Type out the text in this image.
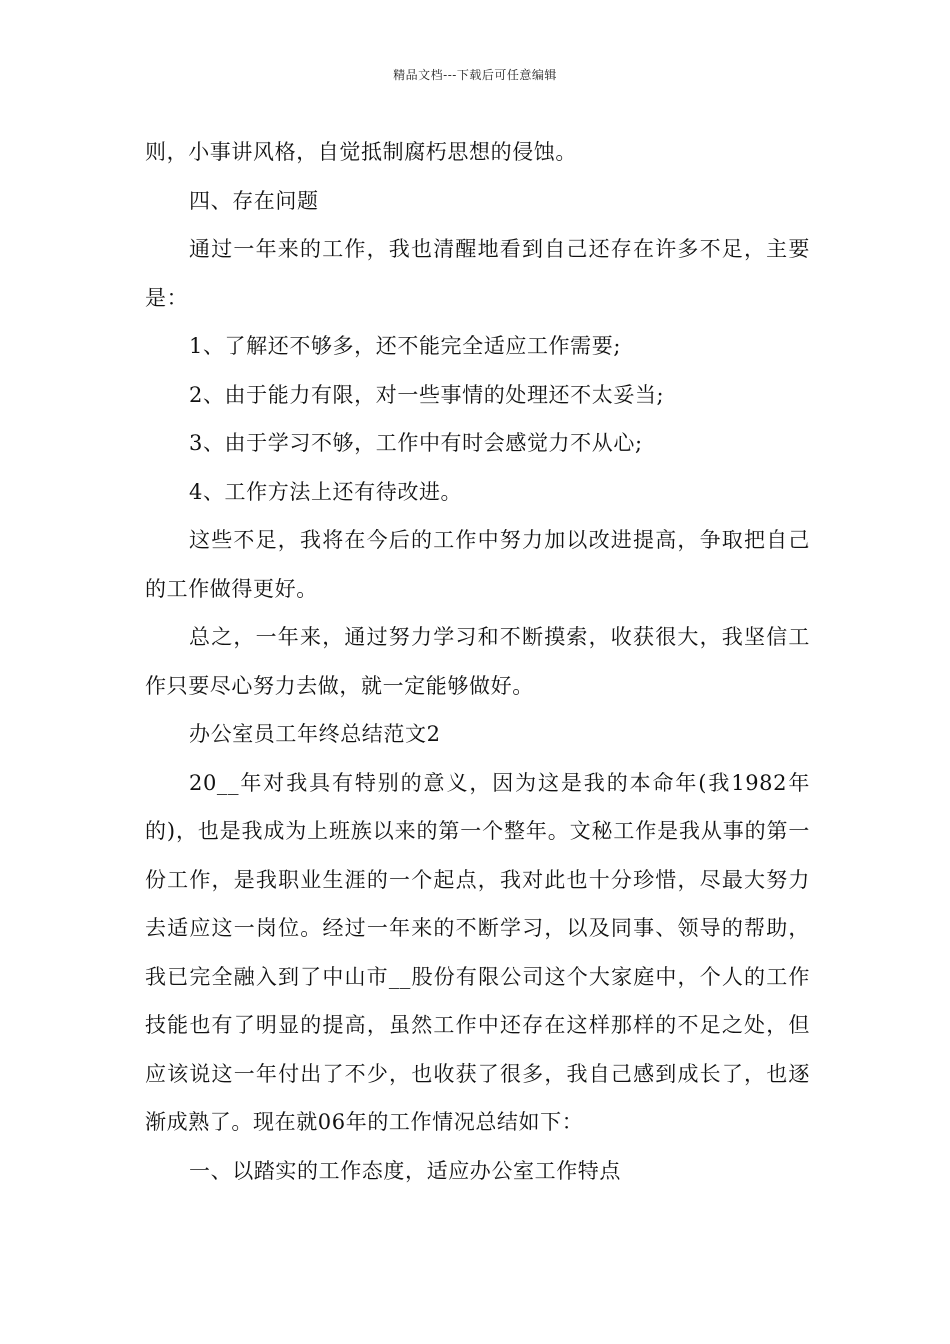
精品文档---下载后可任意编辑

则，小事讲风格，自觉抵制腐朽思想的侵蚀。

四、存在问题

通过一年来的工作，我也清醒地看到自己还存在许多不足，主要是：

1、了解还不够多，还不能完全适应工作需要;

2、由于能力有限，对一些事情的处理还不太妥当;

3、由于学习不够，工作中有时会感觉力不从心;

4、工作方法上还有待改进。

这些不足，我将在今后的工作中努力加以改进提高，争取把自己的工作做得更好。

总之，一年来，通过努力学习和不断摸索，收获很大，我坚信工作只要尽心努力去做，就一定能够做好。

办公室员工年终总结范文2

20__年对我具有特别的意义，因为这是我的本命年(我1982年的)，也是我成为上班族以来的第一个整年。文秘工作是我从事的第一份工作，是我职业生涯的一个起点，我对此也十分珍惜，尽最大努力去适应这一岗位。经过一年来的不断学习，以及同事、领导的帮助，我已完全融入到了中山市__股份有限公司这个大家庭中，个人的工作技能也有了明显的提高，虽然工作中还存在这样那样的不足之处，但应该说这一年付出了不少，也收获了很多，我自己感到成长了，也逐渐成熟了。现在就06年的工作情况总结如下：

一、以踏实的工作态度，适应办公室工作特点
